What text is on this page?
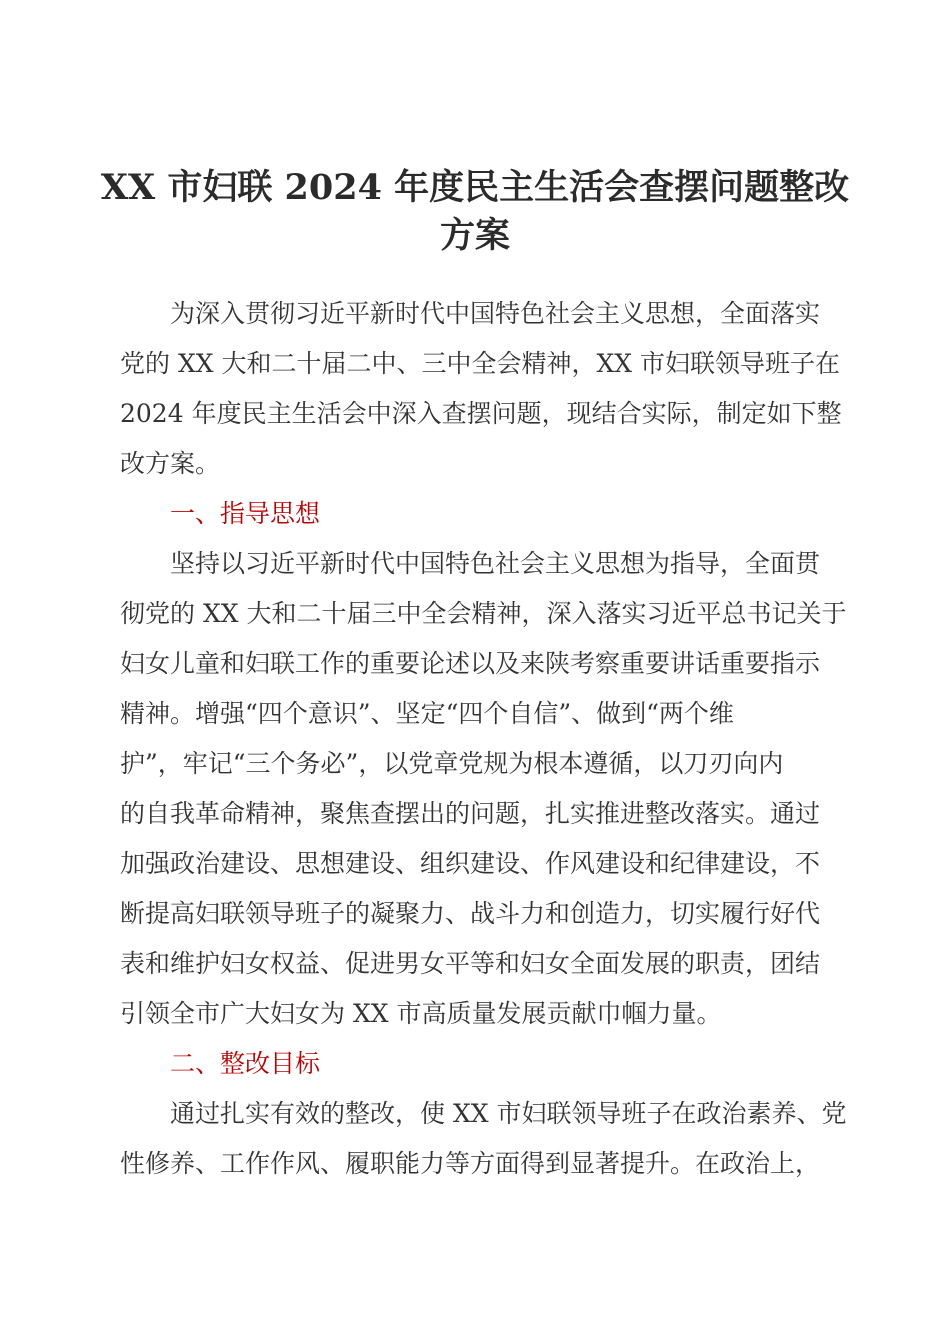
XX 市妇联 2024 年度民主生活会查摆问题整改
方案

为深入贯彻习近平新时代中国特色社会主义思想，全面落实

党的 XX 大和二十届二中、三中全会精神，XX 市妇联领导班子在

2024 年度民主生活会中深入查摆问题，现结合实际，制定如下整

改方案。

一、指导思想

坚持以习近平新时代中国特色社会主义思想为指导，全面贯

彻党的 XX 大和二十届三中全会精神，深入落实习近平总书记关于

妇女儿童和妇联工作的重要论述以及来陕考察重要讲话重要指示

精神。增强“四个意识”、坚定“四个自信”、做到“两个维

护”，牢记“三个务必”，以党章党规为根本遵循，以刀刃向内

的自我革命精神，聚焦查摆出的问题，扎实推进整改落实。通过

加强政治建设、思想建设、组织建设、作风建设和纪律建设，不

断提高妇联领导班子的凝聚力、战斗力和创造力，切实履行好代

表和维护妇女权益、促进男女平等和妇女全面发展的职责，团结

引领全市广大妇女为 XX 市高质量发展贡献巾帼力量。

二、整改目标

通过扎实有效的整改，使 XX 市妇联领导班子在政治素养、党

性修养、工作作风、履职能力等方面得到显著提升。在政治上，
